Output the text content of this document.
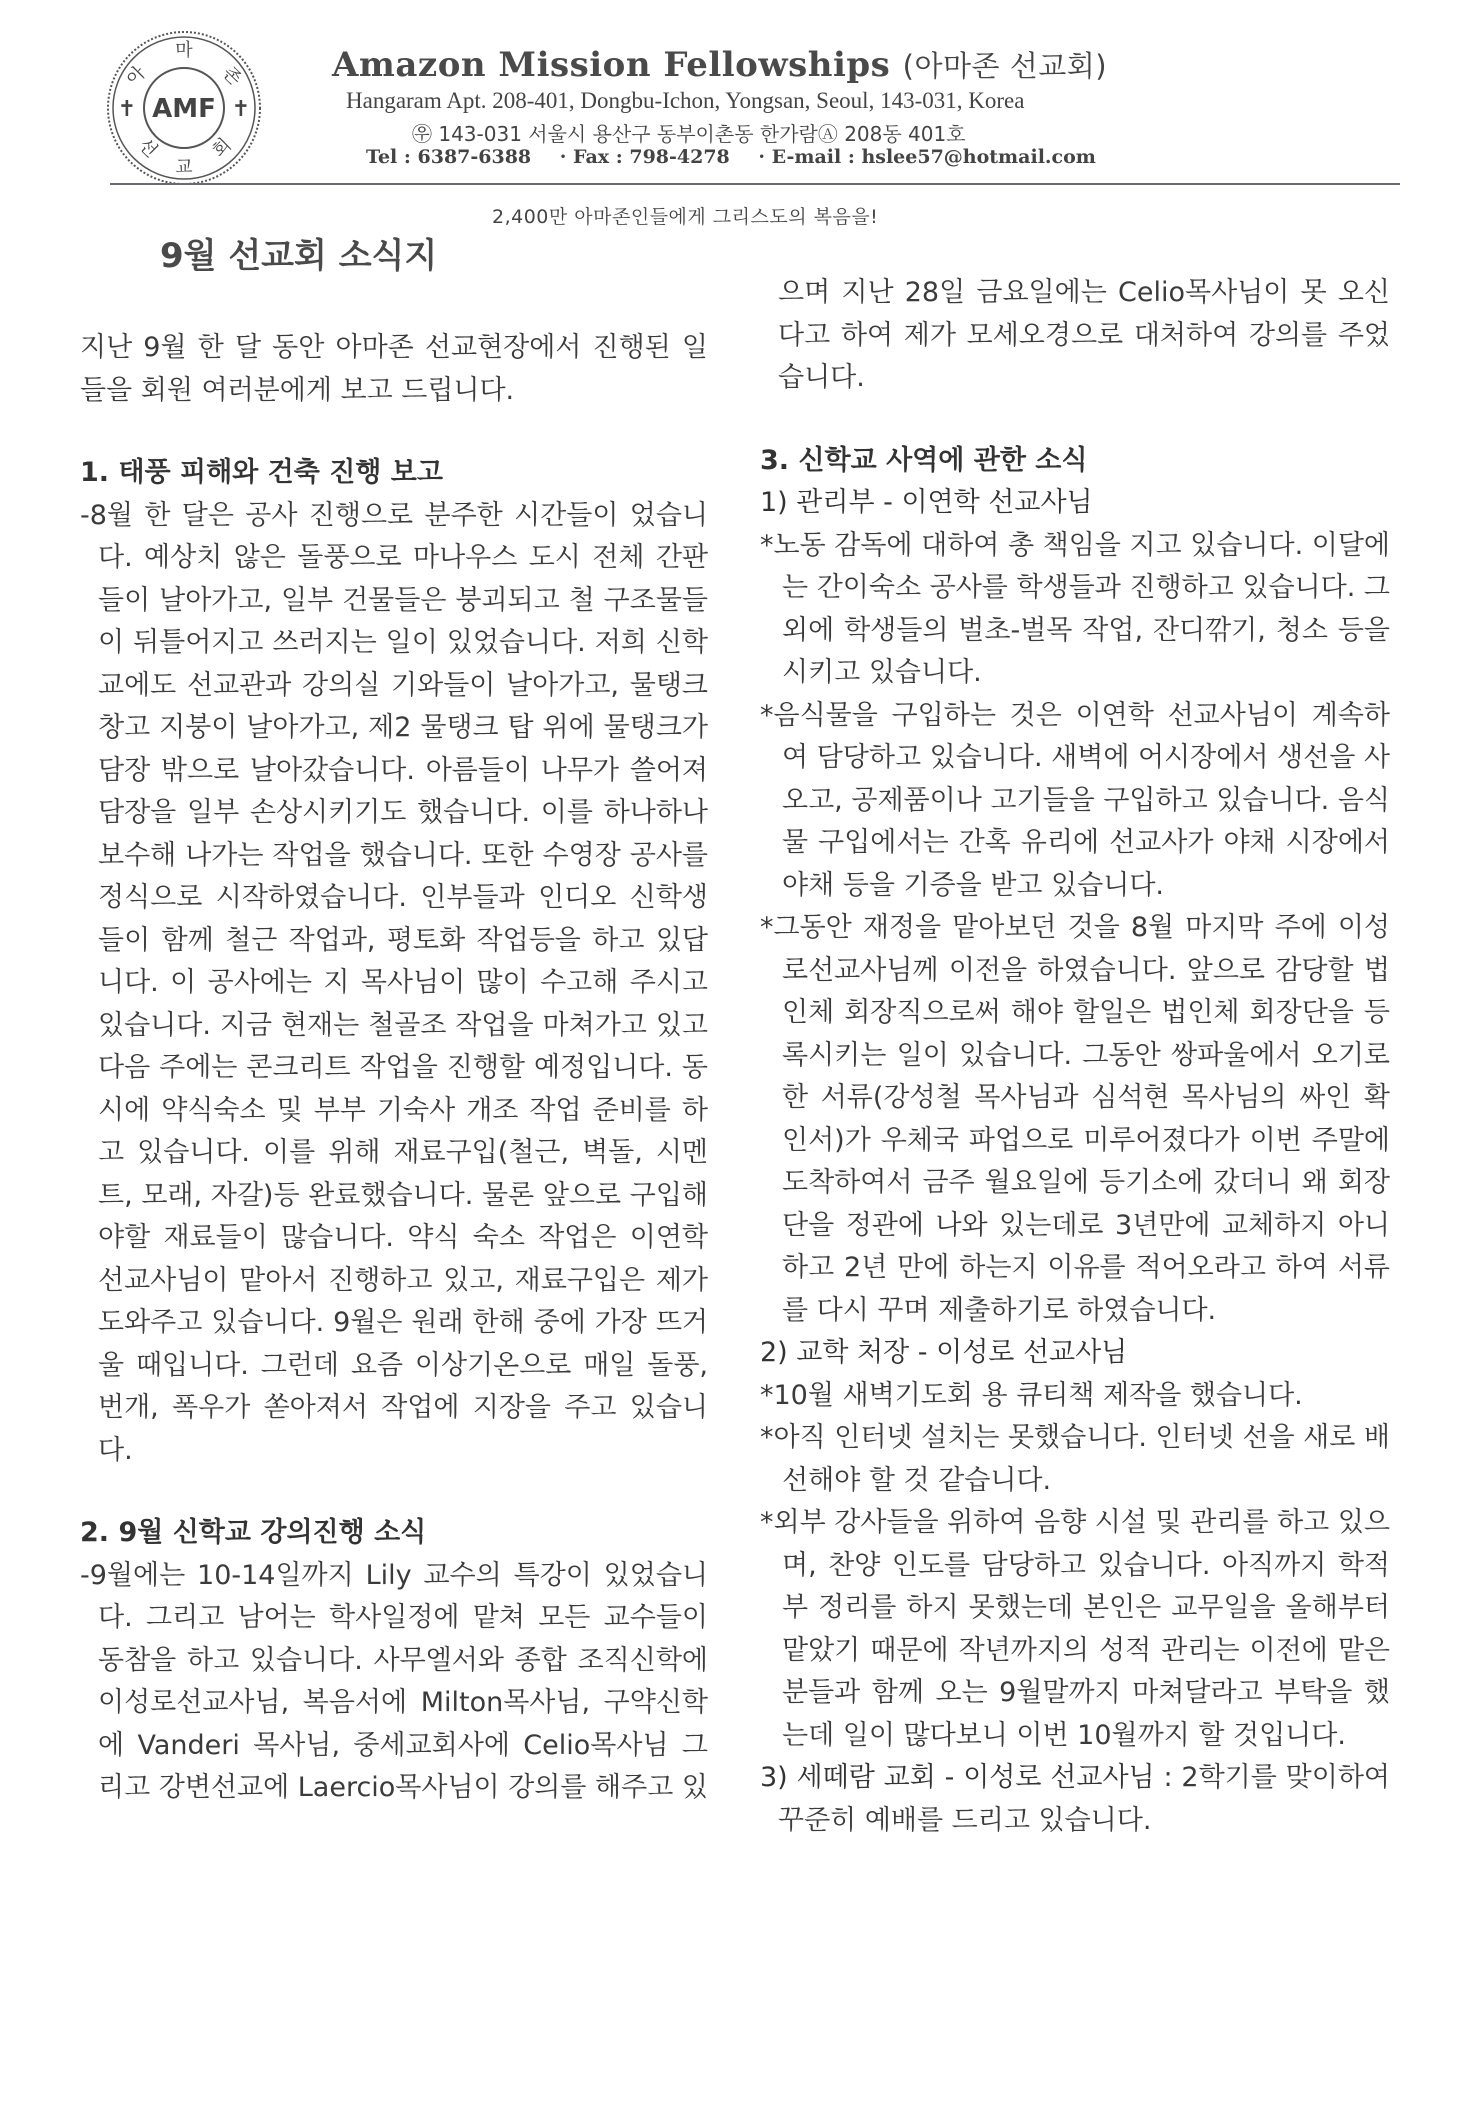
AMF
마
아	존
선
교
회
✝	✝
Amazon Mission Fellowships (아마존 선교회)
Hangaram Apt. 208-401, Dongbu-Ichon, Yongsan, Seoul, 143-031, Korea
㉾ 143-031 서울시 용산구 동부이촌동 한가람Ⓐ 208동 401호
Tel : 6387-6388 · Fax : 798-4278 · E-mail : hslee57@hotmail.com
2,400만 아마존인들에게 그리스도의 복음을!
9월 선교회 소식지

지난 9월 한 달 동안 아마존 선교현장에서 진행된 일들을 회원 여러분에게 보고 드립니다.

1. 태풍 피해와 건축 진행 보고

-8월 한 달은 공사 진행으로 분주한 시간들이 었습니다. 예상치 않은 돌풍으로 마나우스 도시 전체 간판들이 날아가고, 일부 건물들은 붕괴되고 철 구조물들이 뒤틀어지고 쓰러지는 일이 있었습니다. 저희 신학교에도 선교관과 강의실 기와들이 날아가고, 물탱크 창고 지붕이 날아가고, 제2 물탱크 탑 위에 물탱크가 담장 밖으로 날아갔습니다. 아름들이 나무가 쓸어져 담장을 일부 손상시키기도 했습니다. 이를 하나하나 보수해 나가는 작업을 했습니다. 또한 수영장 공사를 정식으로 시작하였습니다. 인부들과 인디오 신학생들이 함께 철근 작업과, 평토화 작업등을 하고 있답니다. 이 공사에는 지 목사님이 많이 수고해 주시고 있습니다. 지금 현재는 철골조 작업을 마쳐가고 있고 다음 주에는 콘크리트 작업을 진행할 예정입니다. 동시에 약식숙소 및 부부 기숙사 개조 작업 준비를 하고 있습니다. 이를 위해 재료구입(철근, 벽돌, 시멘트, 모래, 자갈)등 완료했습니다. 물론 앞으로 구입해야할 재료들이 많습니다. 약식 숙소 작업은 이연학 선교사님이 맡아서 진행하고 있고, 재료구입은 제가 도와주고 있습니다. 9월은 원래 한해 중에 가장 뜨거울 때입니다. 그런데 요즘 이상기온으로 매일 돌풍, 번개, 폭우가 쏟아져서 작업에 지장을 주고 있습니다.

2. 9월 신학교 강의진행 소식

-9월에는 10-14일까지 Lily 교수의 특강이 있었습니다. 그리고 남어는 학사일정에 맡쳐 모든 교수들이 동참을 하고 있습니다. 사무엘서와 종합 조직신학에 이성로선교사님, 복음서에 Milton목사님, 구약신학에 Vanderi 목사님, 중세교회사에 Celio목사님 그리고 강변선교에 Laercio목사님이 강의를 해주고 있

으며 지난 28일 금요일에는 Celio목사님이 못 오신다고 하여 제가 모세오경으로 대처하여 강의를 주었습니다.

3. 신학교 사역에 관한 소식

1) 관리부 - 이연학 선교사님

*노동 감독에 대하여 총 책임을 지고 있습니다. 이달에는 간이숙소 공사를 학생들과 진행하고 있습니다. 그 외에 학생들의 벌초-벌목 작업, 잔디깎기, 청소 등을 시키고 있습니다.

*음식물을 구입하는 것은 이연학 선교사님이 계속하여 담당하고 있습니다. 새벽에 어시장에서 생선을 사오고, 공제품이나 고기들을 구입하고 있습니다. 음식물 구입에서는 간혹 유리에 선교사가 야채 시장에서 야채 등을 기증을 받고 있습니다.

*그동안 재정을 맡아보던 것을 8월 마지막 주에 이성로선교사님께 이전을 하였습니다. 앞으로 감당할 법인체 회장직으로써 해야 할일은 법인체 회장단을 등록시키는 일이 있습니다. 그동안 쌍파울에서 오기로 한 서류(강성철 목사님과 심석현 목사님의 싸인 확인서)가 우체국 파업으로 미루어졌다가 이번 주말에 도착하여서 금주 월요일에 등기소에 갔더니 왜 회장단을 정관에 나와 있는데로 3년만에 교체하지 아니하고 2년 만에 하는지 이유를 적어오라고 하여 서류를 다시 꾸며 제출하기로 하였습니다.

2) 교학 처장 - 이성로 선교사님

*10월 새벽기도회 용 큐티책 제작을 했습니다.

*아직 인터넷 설치는 못했습니다. 인터넷 선을 새로 배선해야 할 것 같습니다.

*외부 강사들을 위하여 음향 시설 및 관리를 하고 있으며, 찬양 인도를 담당하고 있습니다. 아직까지 학적부 정리를 하지 못했는데 본인은 교무일을 올해부터 맡았기 때문에 작년까지의 성적 관리는 이전에 맡은 분들과 함께 오는 9월말까지 마쳐달라고 부탁을 했는데 일이 많다보니 이번 10월까지 할 것입니다.

3) 세떼람 교회 - 이성로 선교사님 : 2학기를 맞이하여 꾸준히 예배를 드리고 있습니다.
